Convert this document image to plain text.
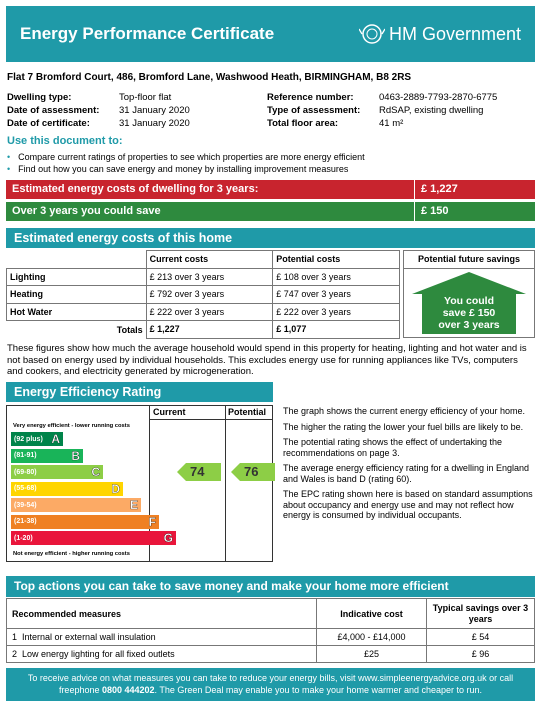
Energy Performance Certificate	HM Government
Flat 7 Bromford Court, 486, Bromford Lane, Washwood Heath, BIRMINGHAM, B8 2RS
Dwelling type:	Top-floor flat	Reference number:	0463-2889-7793-2870-6775
Date of assessment:	31 January 2020	Type of assessment:	RdSAP, existing dwelling
Date of certificate:	31 January 2020	Total floor area:	41 m²
Use this document to:
• Compare current ratings of properties to see which properties are more energy efficient
• Find out how you can save energy and money by installing improvement measures
Estimated energy costs of dwelling for 3 years:	£ 1,227
Over 3 years you could save	£ 150
Estimated energy costs of this home
	Current costs	Potential costs
Lighting	£ 213 over 3 years	£ 108 over 3 years
Heating	£ 792 over 3 years	£ 747 over 3 years
Hot Water	£ 222 over 3 years	£ 222 over 3 years
Totals	£ 1,227	£ 1,077
Potential future savings
You could
save £ 150
over 3 years
These figures show how much the average household would spend in this property for heating, lighting and hot water and is not based on energy used by individual households. This excludes energy use for running appliances like TVs, computers and cookers, and electricity generated by microgeneration.
Energy Efficiency Rating
Current	Potential
Very energy efficient - lower running costs
Not energy efficient - higher running costs
(92 plus) A
(81-91)	B
(69-80)	C
(55-68)	D
(39-54)	E
(21-38)	F
(1-20)	G
74	76

The graph shows the current energy efficiency of your home.

The higher the rating the lower your fuel bills are likely to be.

The potential rating shows the effect of undertaking the recommendations on page 3.

The average energy efficiency rating for a dwelling in England and Wales is band D (rating 60).

The EPC rating shown here is based on standard assumptions about occupancy and energy use and may not reflect how energy is consumed by individual occupants.

Top actions you can take to save money and make your home more efficient
Recommended measures	Indicative cost	Typical savings over 3 years
1 Internal or external wall insulation	£4,000 - £14,000	£ 54
2 Low energy lighting for all fixed outlets	£25	£ 96
To receive advice on what measures you can take to reduce your energy bills, visit www.simpleenergyadvice.org.uk or call freephone 0800 444202. The Green Deal may enable you to make your home warmer and cheaper to run.
